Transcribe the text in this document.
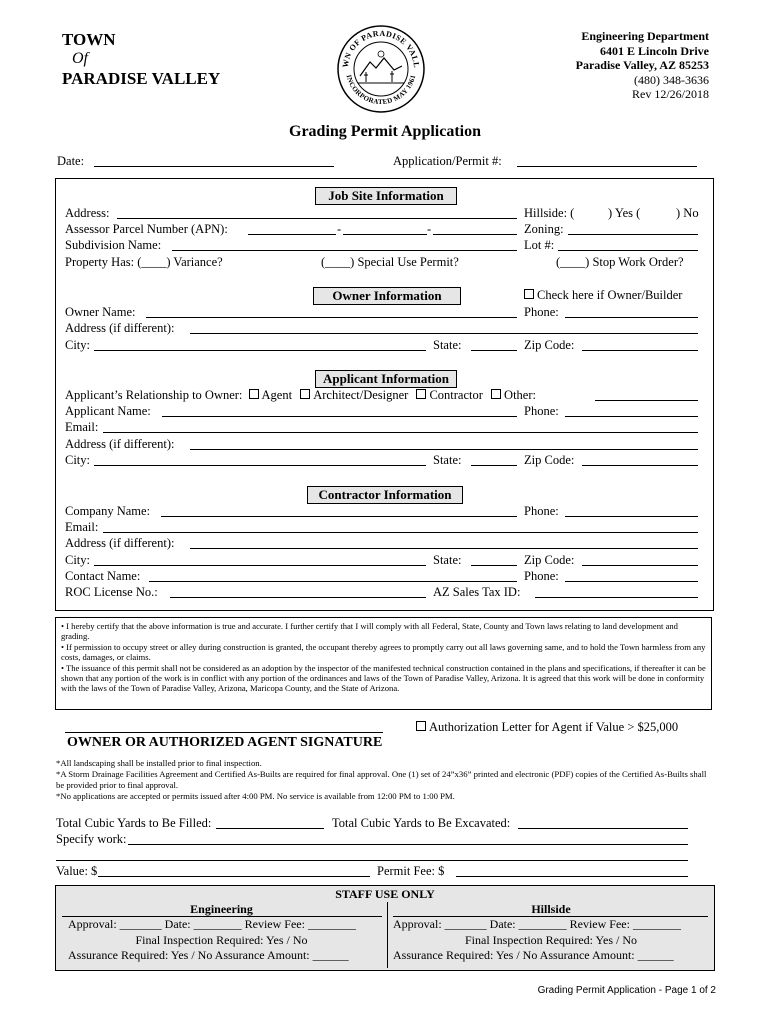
TOWN
Of
PARADISE VALLEY
WN OF PARADISE VALL
INCORPORATED MAY 1961
Engineering Department
6401 E Lincoln Drive
Paradise Valley, AZ 85253
(480) 348-3636
Rev 12/26/2018
Grading Permit Application
Date:	Application/Permit #:
Job Site Information
Address:	Hillside: (	) Yes (	) No
Assessor Parcel Number (APN):	-	-	Zoning:
Subdivision Name:	Lot #:
Property Has: (____) Variance?	(____) Special Use Permit?	(____) Stop Work Order?
Owner Information	Check here if Owner/Builder
Owner Name:	Phone:
Address (if different):
City:	State:	Zip Code:
Applicant Information
Applicant’s Relationship to Owner: Agent Architect/Designer Contractor Other:
Applicant Name:	Phone:
Email:
Address (if different):
City:	State:	Zip Code:
Contractor Information
Company Name:	Phone:
Email:
Address (if different):
City:	State:	Zip Code:
Contact Name:	Phone:
ROC License No.:	AZ Sales Tax ID:

• I hereby certify that the above information is true and accurate. I further certify that I will comply with all Federal, State, County and Town laws relating to land development and grading.

• If permission to occupy street or alley during construction is granted, the occupant thereby agrees to promptly carry out all laws governing same, and to hold the Town harmless from any costs, damages, or claims.

• The issuance of this permit shall not be considered as an adoption by the inspector of the manifested technical construction contained in the plans and specifications, if thereafter it can be shown that any portion of the work is in conflict with any portion of the ordinances and laws of the Town of Paradise Valley, Arizona. It is agreed that this work will be done in conformity with the laws of the Town of Paradise Valley, Arizona, Maricopa County, and the State of Arizona.

Authorization Letter for Agent if Value > $25,000
OWNER OR AUTHORIZED AGENT SIGNATURE
*All landscaping shall be installed prior to final inspection.
*A Storm Drainage Facilities Agreement and Certified As-Builts are required for final approval. One (1) set of 24”x36” printed and electronic (PDF) copies of the Certified As-Builts shall be provided prior to final approval.
*No applications are accepted or permits issued after 4:00 PM. No service is available from 12:00 PM to 1:00 PM.
Total Cubic Yards to Be Filled:	Total Cubic Yards to Be Excavated:
Specify work:
Value: $	Permit Fee: $
STAFF USE ONLY
Engineering
Approval: _______ Date: ________ Review Fee: ________
Final Inspection Required: Yes / No
Assurance Required: Yes / No Assurance Amount: ______
Hillside
Approval: _______ Date: ________ Review Fee: ________
Final Inspection Required: Yes / No
Assurance Required: Yes / No Assurance Amount: ______
Grading Permit Application - Page 1 of 2
